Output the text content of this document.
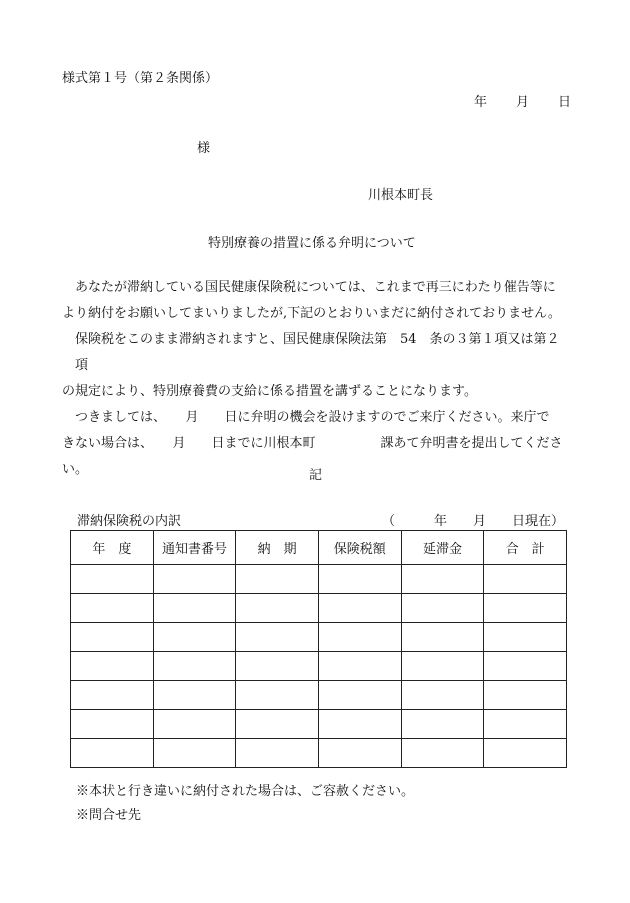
様式第１号（第２条関係）
年 月 日
様
川根本町長
特別療養の措置に係る弁明について

あなたが滞納している国民健康保険税については、これまで再三にわたり催告等に

より納付をお願いしてまいりましたが,下記のとおりいまだに納付されておりません。

保険税をこのまま滞納されますと、国民健康保険法第　54　条の３第１項又は第２項

の規定により、特別療養費の支給に係る措置を講ずることになります。

つきましては、　　月　　日に弁明の機会を設けますのでご来庁ください。来庁で

きない場合は、　　月　　日までに川根本町　　　　　課あて弁明書を提出してくださ

い。	記
滞納保険税の内訳	（　　　年　　月　　日現在）
年　度	通知書番号	納　期	保険税額	延滞金	合　計

※本状と行き違いに納付された場合は、ご容赦ください。
※問合せ先
